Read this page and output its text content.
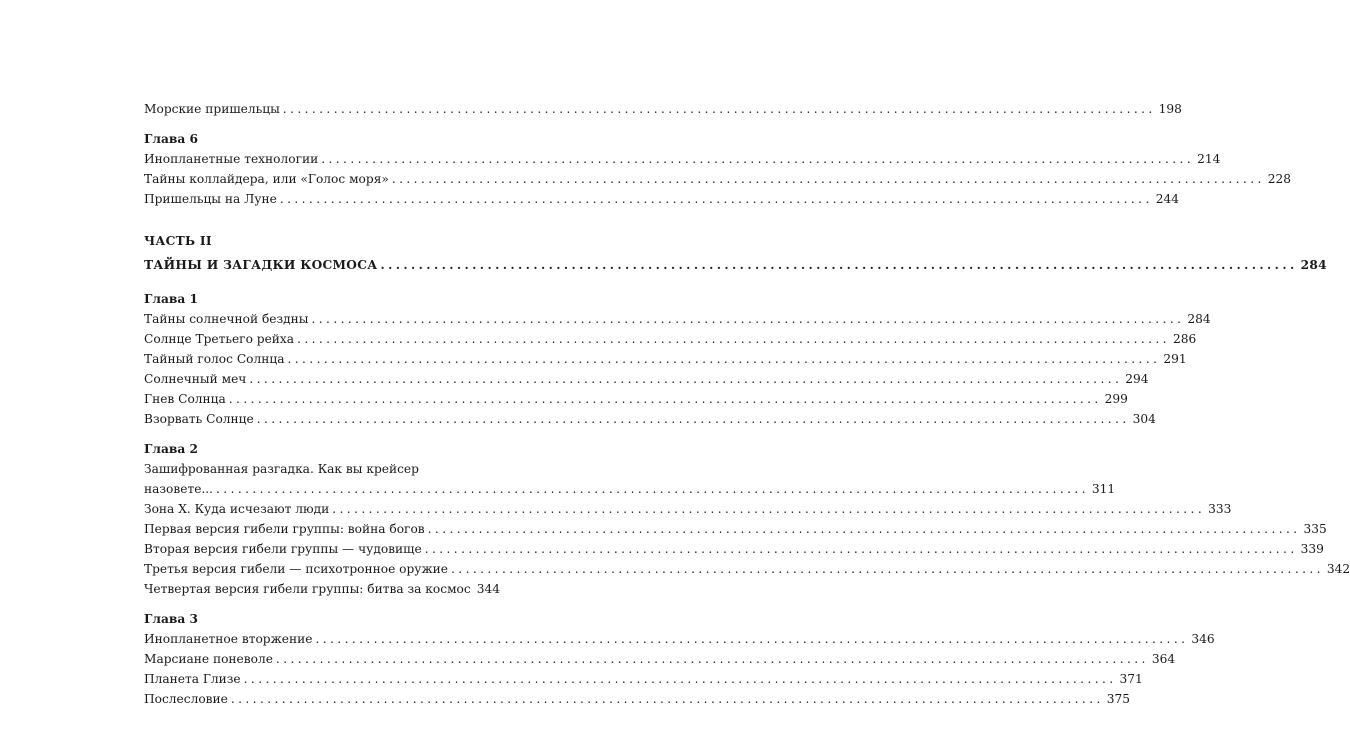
Морские пришельцы ........................................................................................................................ 198
Глава 6
Инопланетные технологии ........................................................................................................................ 214
Тайны коллайдера, или «Голос моря» ........................................................................................................................ 228
Пришельцы на Луне ........................................................................................................................ 244
ЧАСТЬ II
ТАЙНЫ И ЗАГАДКИ КОСМОСА ........................................................................................................................ 284
Глава 1
Тайны солнечной бездны ........................................................................................................................ 284
Солнце Третьего рейха ........................................................................................................................ 286
Тайный голос Солнца ........................................................................................................................ 291
Солнечный меч ........................................................................................................................ 294
Гнев Солнца ........................................................................................................................ 299
Взорвать Солнце ........................................................................................................................ 304
Глава 2
Зашифрованная разгадка. Как вы крейсер
назовете... ........................................................................................................................ 311
Зона Х. Куда исчезают люди ........................................................................................................................ 333
Первая версия гибели группы: война богов ........................................................................................................................ 335
Вторая версия гибели группы — чудовище ........................................................................................................................ 339
Третья версия гибели — психотронное оружие ........................................................................................................................ 342
Четвертая версия гибели группы: битва за космос 344
Глава 3
Инопланетное вторжение ........................................................................................................................ 346
Марсиане поневоле ........................................................................................................................ 364
Планета Глизе ........................................................................................................................ 371
Послесловие ........................................................................................................................ 375
